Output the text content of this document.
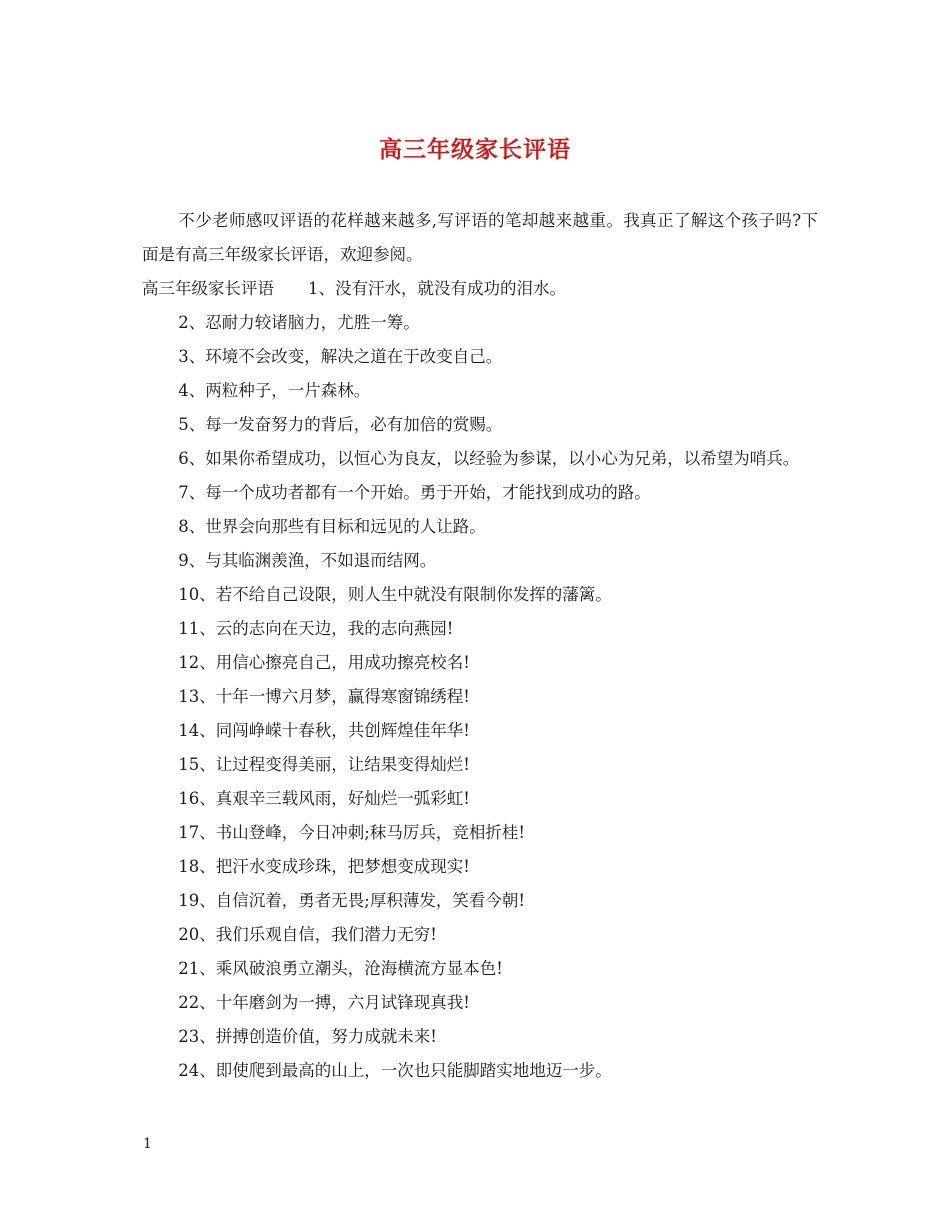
高三年级家长评语

不少老师感叹评语的花样越来越多,写评语的笔却越来越重。我真正了解这个孩子吗?下面是有高三年级家长评语，欢迎参阅。

高三年级家长评语 1、没有汗水，就没有成功的泪水。

2、忍耐力较诸脑力，尤胜一筹。

3、环境不会改变，解决之道在于改变自己。

4、两粒种子，一片森林。

5、每一发奋努力的背后，必有加倍的赏赐。

6、如果你希望成功，以恒心为良友，以经验为参谋，以小心为兄弟，以希望为哨兵。

7、每一个成功者都有一个开始。勇于开始，才能找到成功的路。

8、世界会向那些有目标和远见的人让路。

9、与其临渊羡渔，不如退而结网。

10、若不给自己设限，则人生中就没有限制你发挥的藩篱。

11、云的志向在天边，我的志向燕园!

12、用信心擦亮自己，用成功擦亮校名!

13、十年一博六月梦，赢得寒窗锦绣程!

14、同闯峥嵘十春秋，共创辉煌佳年华!

15、让过程变得美丽，让结果变得灿烂!

16、真艰辛三载风雨，好灿烂一弧彩虹!

17、书山登峰，今日冲刺;秣马厉兵，竞相折桂!

18、把汗水变成珍珠，把梦想变成现实!

19、自信沉着，勇者无畏;厚积薄发，笑看今朝!

20、我们乐观自信，我们潜力无穷!

21、乘风破浪勇立潮头，沧海横流方显本色!

22、十年磨剑为一搏，六月试锋现真我!

23、拼搏创造价值，努力成就未来!

24、即使爬到最高的山上，一次也只能脚踏实地地迈一步。

1
